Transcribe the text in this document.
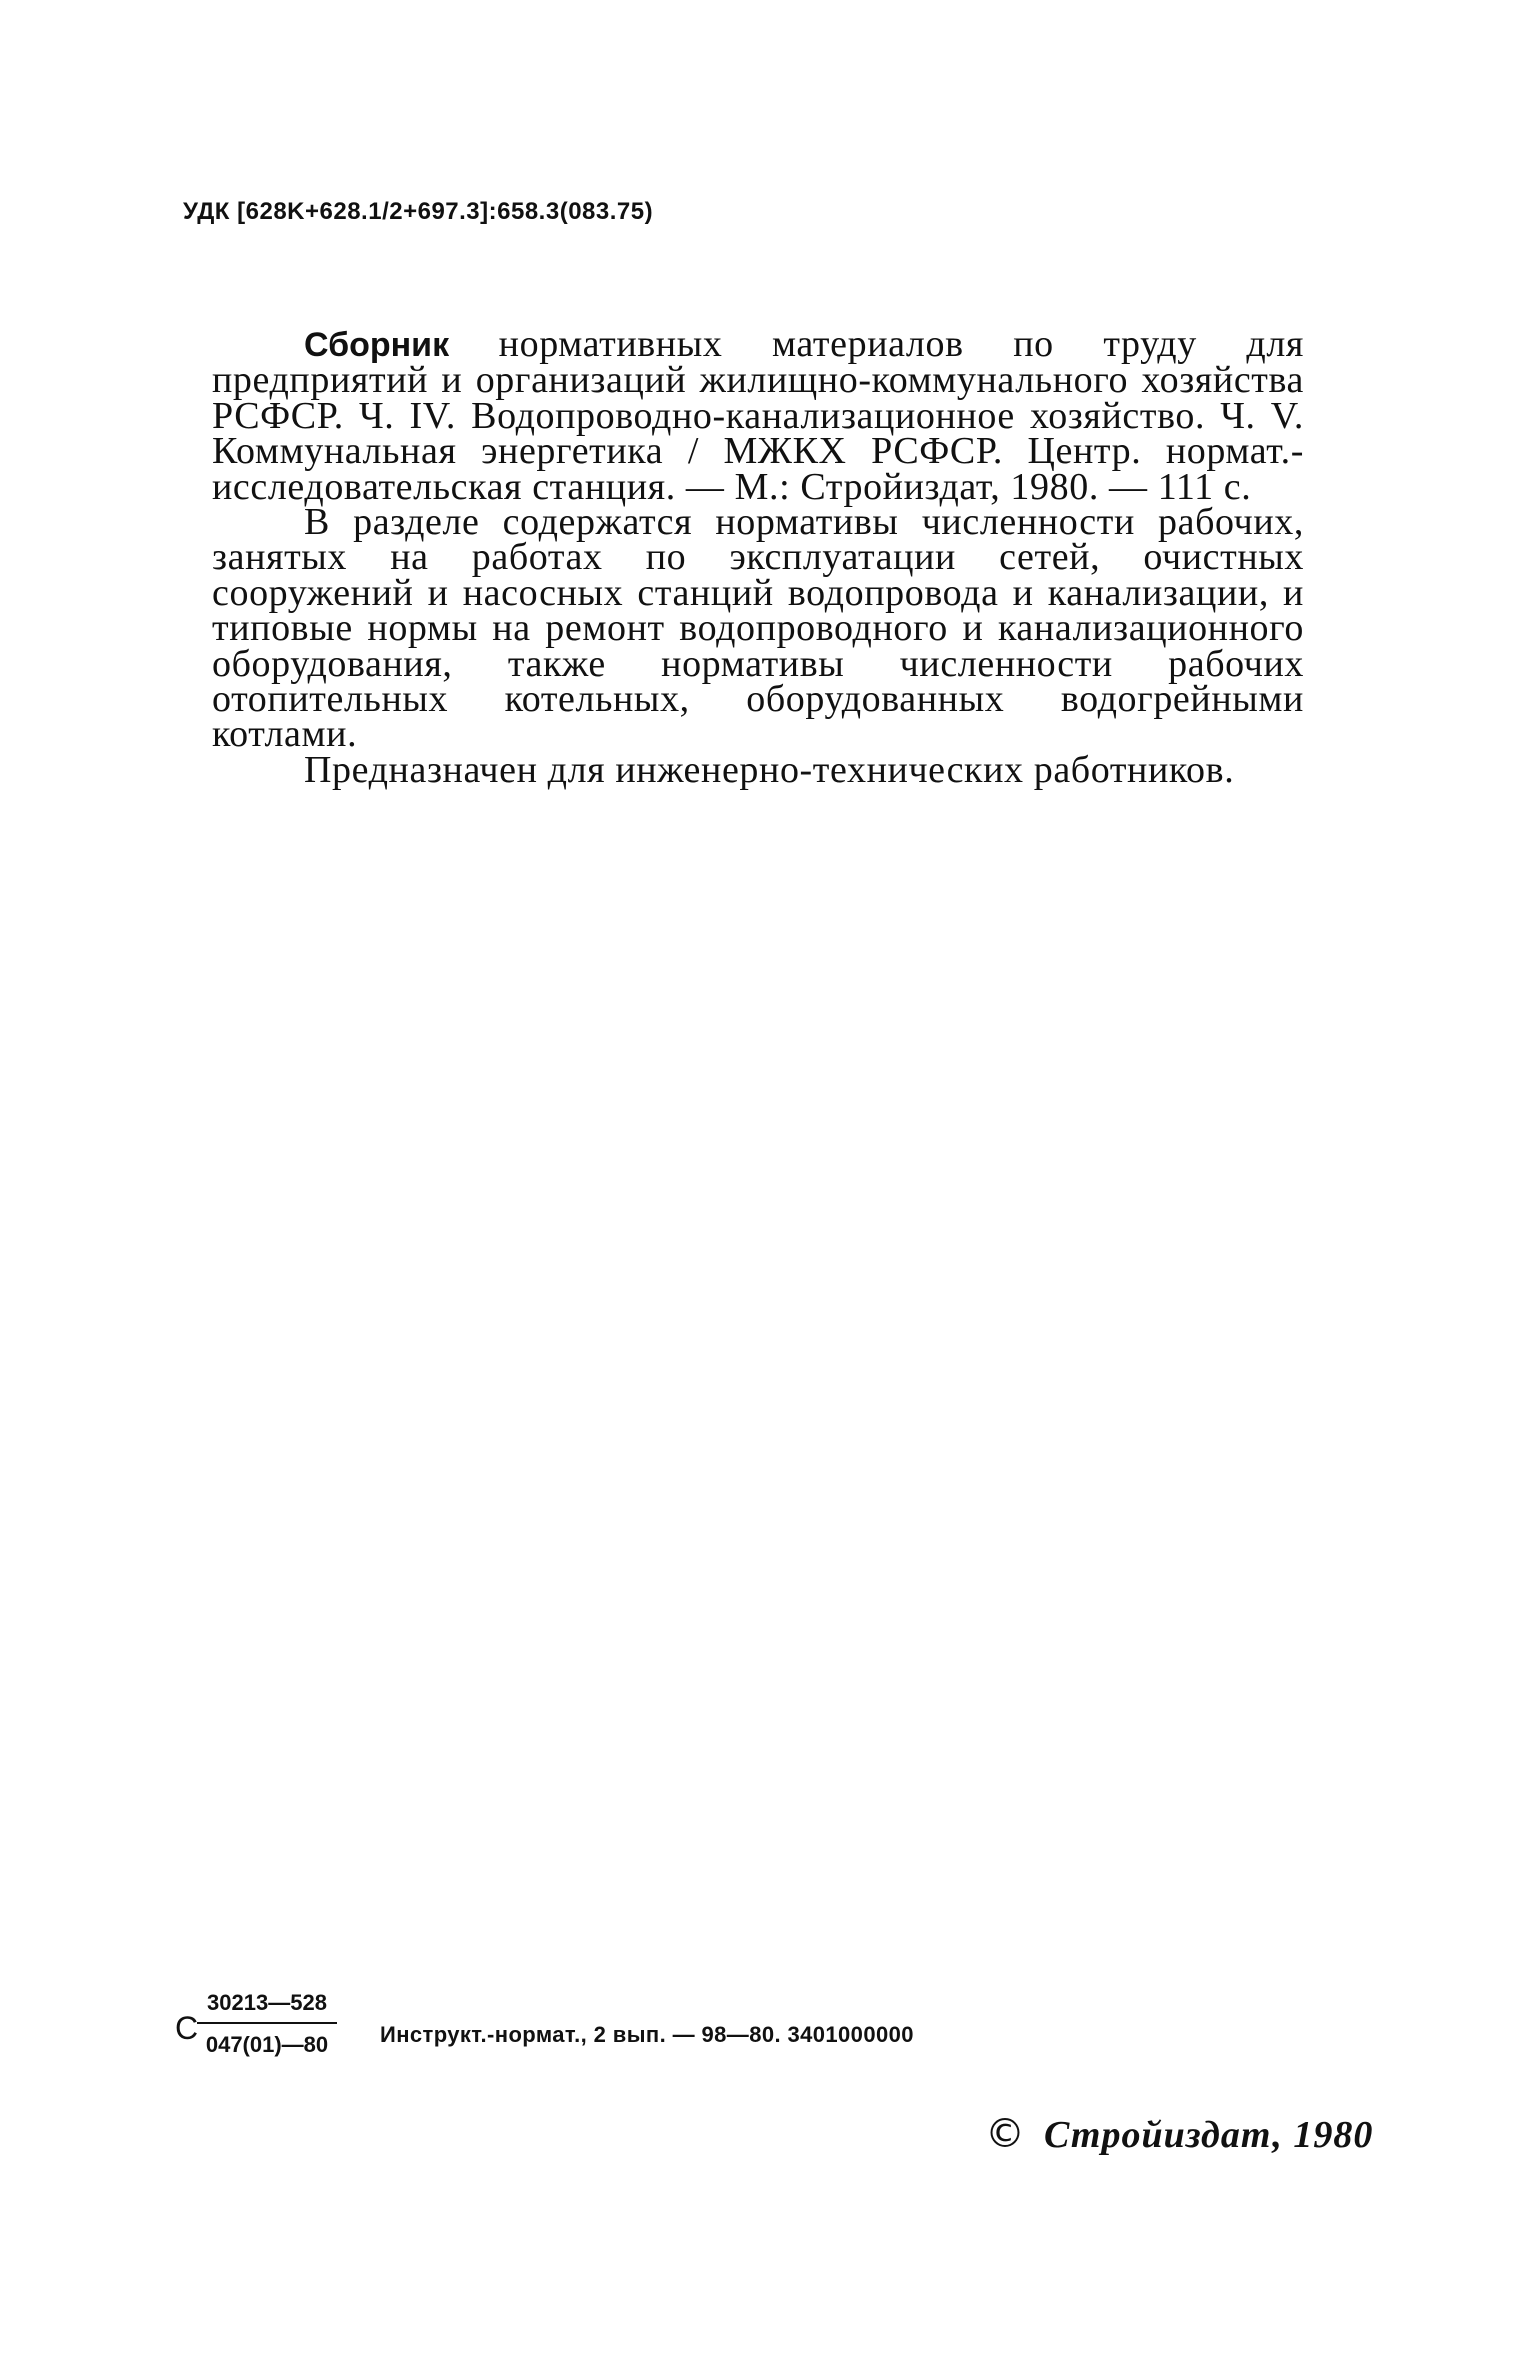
УДК [628K+628.1/2+697.3]:658.3(083.75)

Сборник нормативных материалов по труду для предприятий и организаций жилищно-коммунального хозяйства РСФСР. Ч. IV. Водопроводно-канализационное хозяйство. Ч. V. Коммунальная энергетика / МЖКХ РСФСР. Центр. нормат.-исследовательская станция. — М.: Стройиздат, 1980. — 111 с.

В разделе содержатся нормативы численности рабочих, занятых на работах по эксплуатации сетей, очистных сооружений и насосных станций водопровода и канализации, и типовые нормы на ремонт водопроводного и канализационного оборудования, также нормативы численности рабочих отопительных котельных, оборудованных водогрейными котлами.

Предназначен для инженерно-технических работников.

С
30213—528
047(01)—80	Инструкт.-нормат., 2 вып. — 98—80. 3401000000
© Стройиздат, 1980
